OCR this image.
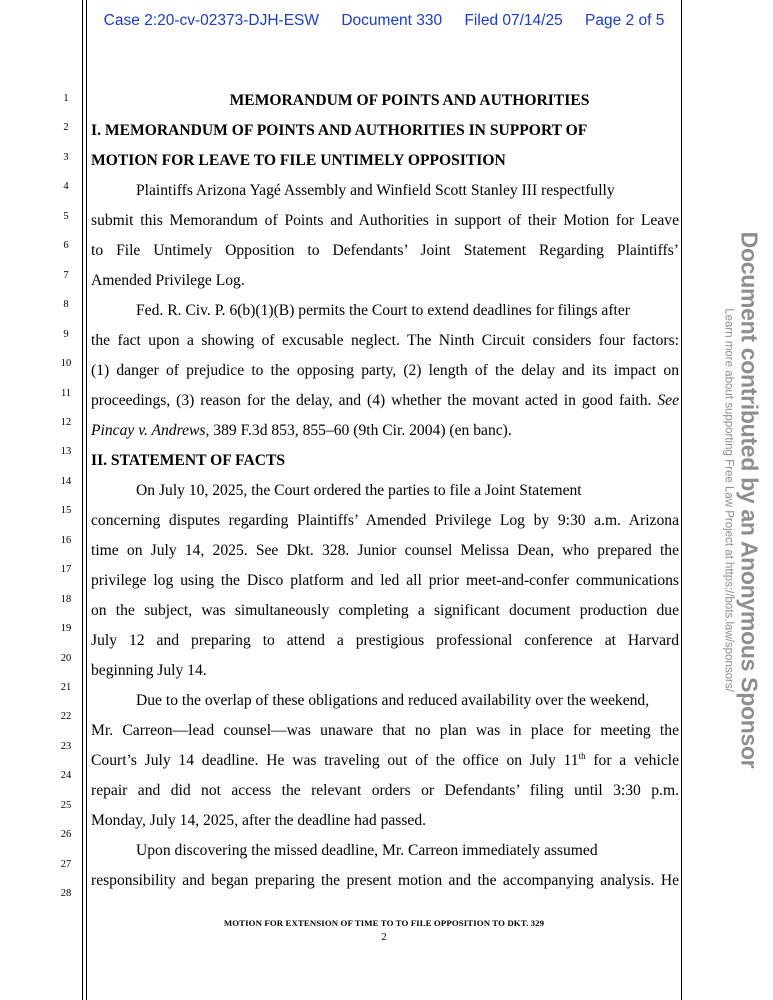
Case 2:20-cv-02373-DJH-ESW Document 330 Filed 07/14/25 Page 2 of 5
1
2
3
4
5
6
7
8
9
10
11
12
13
14
15
16
17
18
19
20
21
22
23
24
25
26
27
28
MEMORANDUM OF POINTS AND AUTHORITIES
I. MEMORANDUM OF POINTS AND AUTHORITIES IN SUPPORT OF
MOTION FOR LEAVE TO FILE UNTIMELY OPPOSITION
Plaintiffs Arizona Yagé Assembly and Winfield Scott Stanley III respectfully
submit this Memorandum of Points and Authorities in support of their Motion for Leave
to File Untimely Opposition to Defendants’ Joint Statement Regarding Plaintiffs’
Amended Privilege Log.
Fed. R. Civ. P. 6(b)(1)(B) permits the Court to extend deadlines for filings after
the fact upon a showing of excusable neglect. The Ninth Circuit considers four factors:
(1) danger of prejudice to the opposing party, (2) length of the delay and its impact on
proceedings, (3) reason for the delay, and (4) whether the movant acted in good faith. See
Pincay v. Andrews, 389 F.3d 853, 855–60 (9th Cir. 2004) (en banc).
II. STATEMENT OF FACTS
On July 10, 2025, the Court ordered the parties to file a Joint Statement
concerning disputes regarding Plaintiffs’ Amended Privilege Log by 9:30 a.m. Arizona
time on July 14, 2025. See Dkt. 328. Junior counsel Melissa Dean, who prepared the
privilege log using the Disco platform and led all prior meet-and-confer communications
on the subject, was simultaneously completing a significant document production due
July 12 and preparing to attend a prestigious professional conference at Harvard
beginning July 14.
Due to the overlap of these obligations and reduced availability over the weekend,
Mr. Carreon—lead counsel—was unaware that no plan was in place for meeting the
Court’s July 14 deadline. He was traveling out of the office on July 11th for a vehicle
repair and did not access the relevant orders or Defendants’ filing until 3:30 p.m.
Monday, July 14, 2025, after the deadline had passed.
Upon discovering the missed deadline, Mr. Carreon immediately assumed
responsibility and began preparing the present motion and the accompanying analysis. He
MOTION FOR EXTENSION OF TIME TO TO FILE OPPOSITION TO DKT. 329
2
Document contributed by an Anonymous Sponsor
Learn more about supporting Free Law Project at https://bots.law/sponsors/
